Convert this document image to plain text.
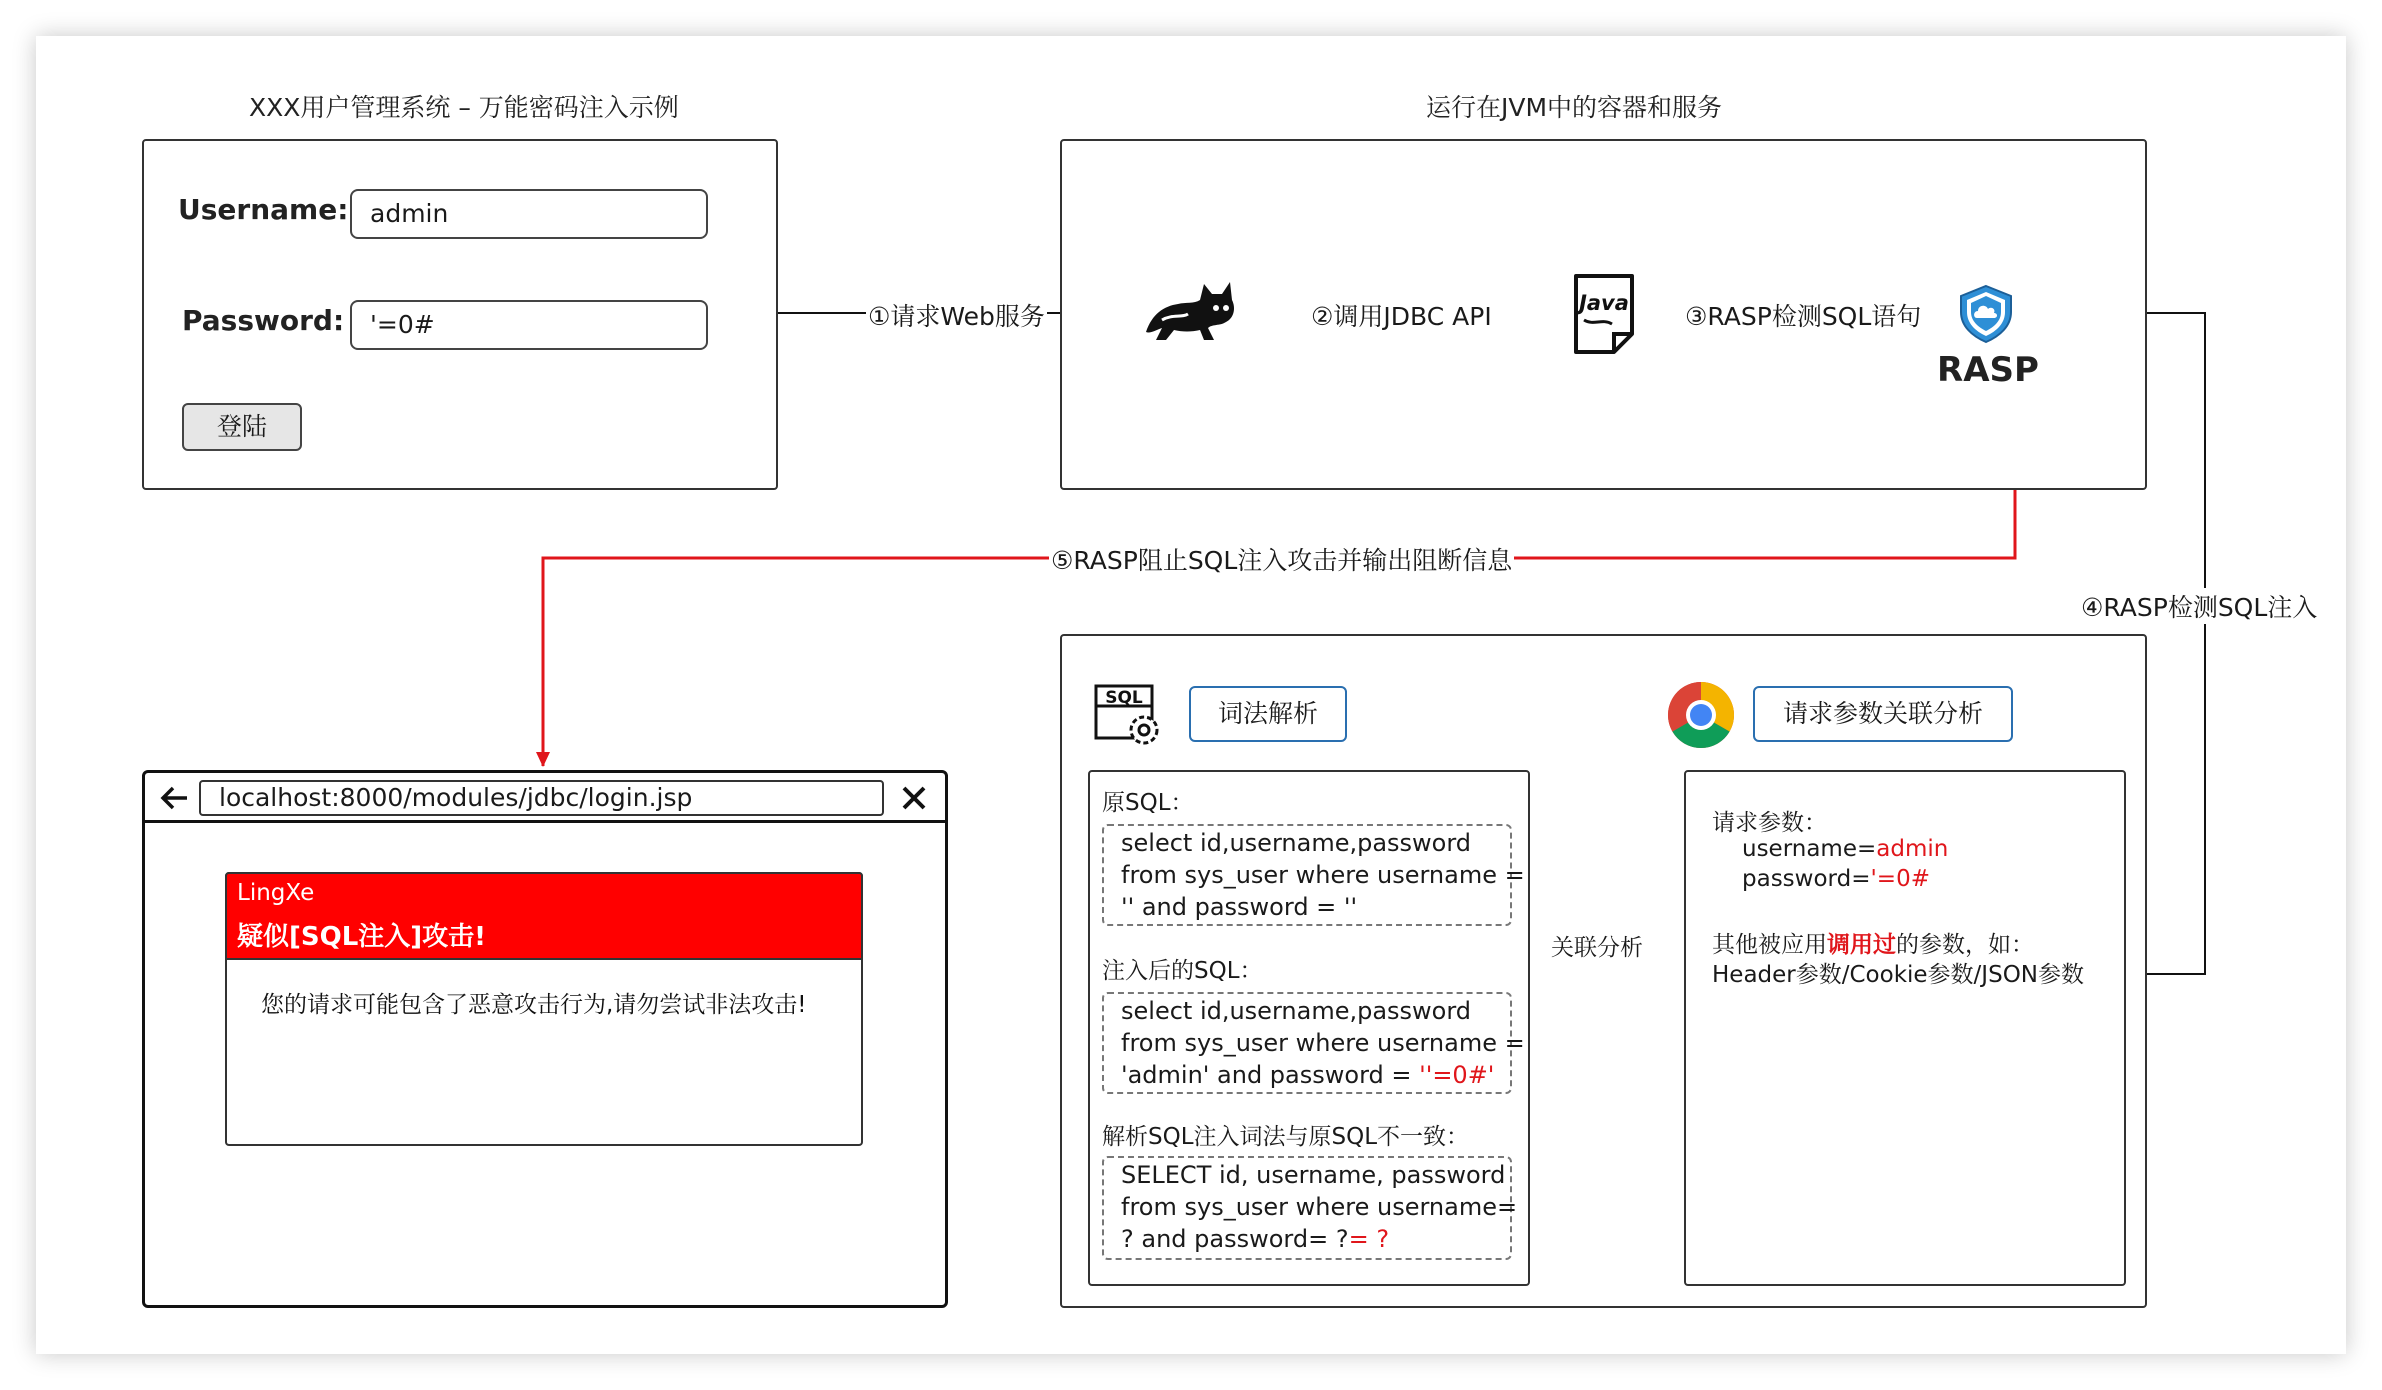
XXX用户管理系统 – 万能密码注入示例
Username: admin
Password:	'=0#
登陆
运行在JVM中的容器和服务
Java
RASP
①请求Web服务	②调用JDBC API	③RASP检测SQL语句
④RASP检测SQL注入
⑤RASP阻止SQL注入攻击并输出阻断信息
localhost:8000/modules/jdbc/login.jsp
LingXe
疑似[SQL注入]攻击!
您的请求可能包含了恶意攻击行为,请勿尝试非法攻击!
SQL
词法解析	请求参数关联分析
原SQL：
select id,username,password
from sys_user where username =
'' and password = ''
注入后的SQL：
select id,username,password
from sys_user where username =
'admin' and password = ''=0#'
解析SQL注入词法与原SQL不一致：
SELECT id, username, password
from sys_user where username=
? and password= ?= ?
关联分析
请求参数：
username=admin
password='=0#
其他被应用调用过的参数，如：
Header参数/Cookie参数/JSON参数
